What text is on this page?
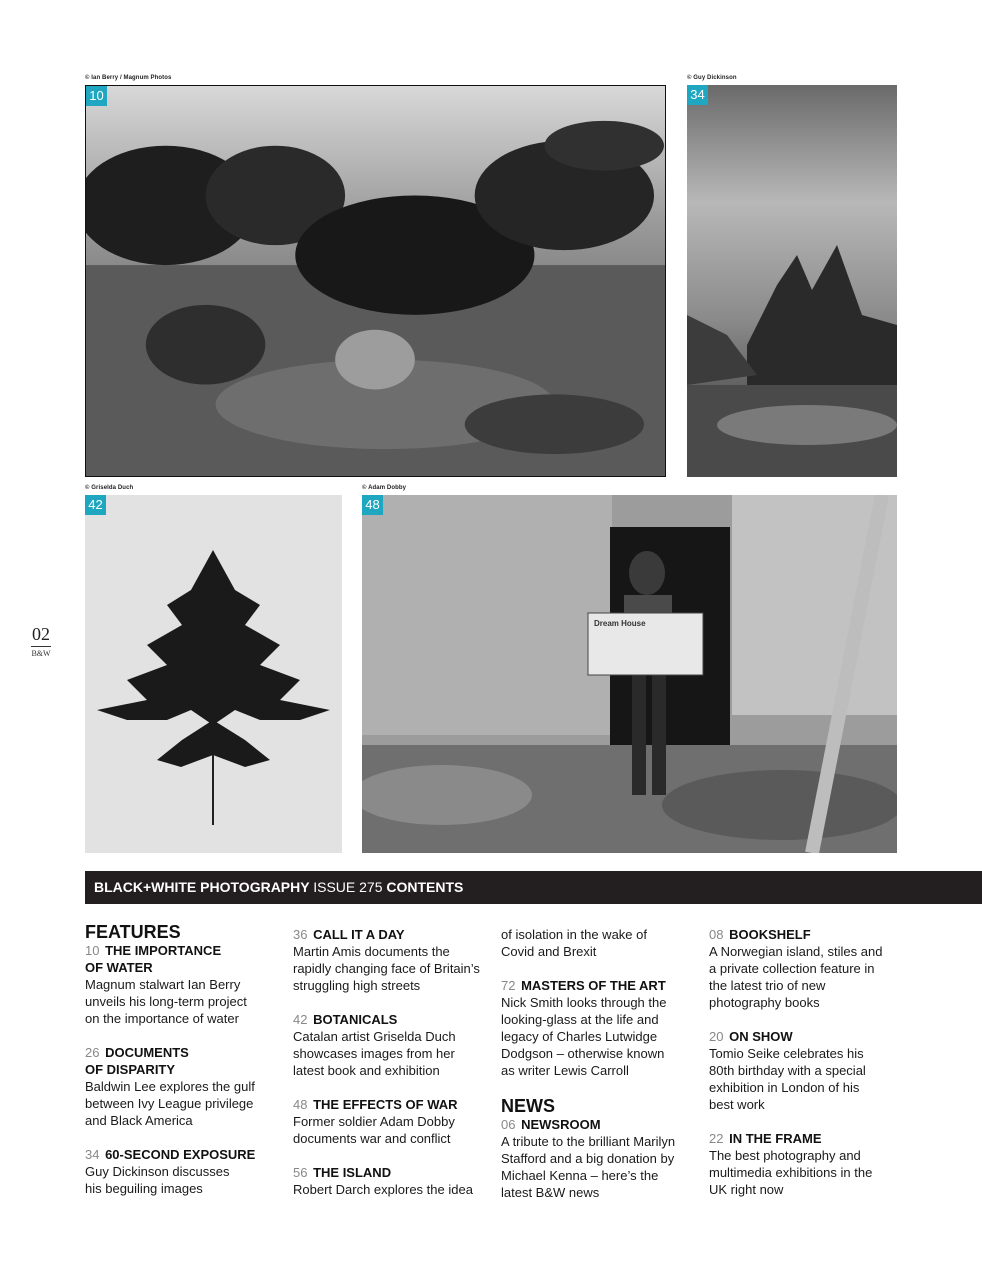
© Ian Berry / Magnum Photos	© Guy Dickinson
© Griselda Duch	© Adam Dobby
10	34
42
Dream House
48
02
B&W
BLACK+WHITE PHOTOGRAPHY ISSUE 275 CONTENTS
FEATURES
10 THE IMPORTANCE OF WATER
Magnum stalwart Ian Berry unveils his long-term project on the importance of water
26 DOCUMENTS OF DISPARITY
Baldwin Lee explores the gulf between Ivy League privilege and Black America
34 60-SECOND EXPOSURE
Guy Dickinson discusses his beguiling images
36 CALL IT A DAY
Martin Amis documents the rapidly changing face of Britain’s struggling high streets
42 BOTANICALS
Catalan artist Griselda Duch showcases images from her latest book and exhibition
48 THE EFFECTS OF WAR
Former soldier Adam Dobby documents war and conflict
56 THE ISLAND
Robert Darch explores the idea
of isolation in the wake of Covid and Brexit
72 MASTERS OF THE ART
Nick Smith looks through the looking-glass at the life and legacy of Charles Lutwidge Dodgson – otherwise known as writer Lewis Carroll
NEWS
06 NEWSROOM
A tribute to the brilliant Marilyn Stafford and a big donation by Michael Kenna – here’s the latest B&W news
08 BOOKSHELF
A Norwegian island, stiles and a private collection feature in the latest trio of new photography books
20 ON SHOW
Tomio Seike celebrates his 80th birthday with a special exhibition in London of his best work
22 IN THE FRAME
The best photography and multimedia exhibitions in the UK right now
